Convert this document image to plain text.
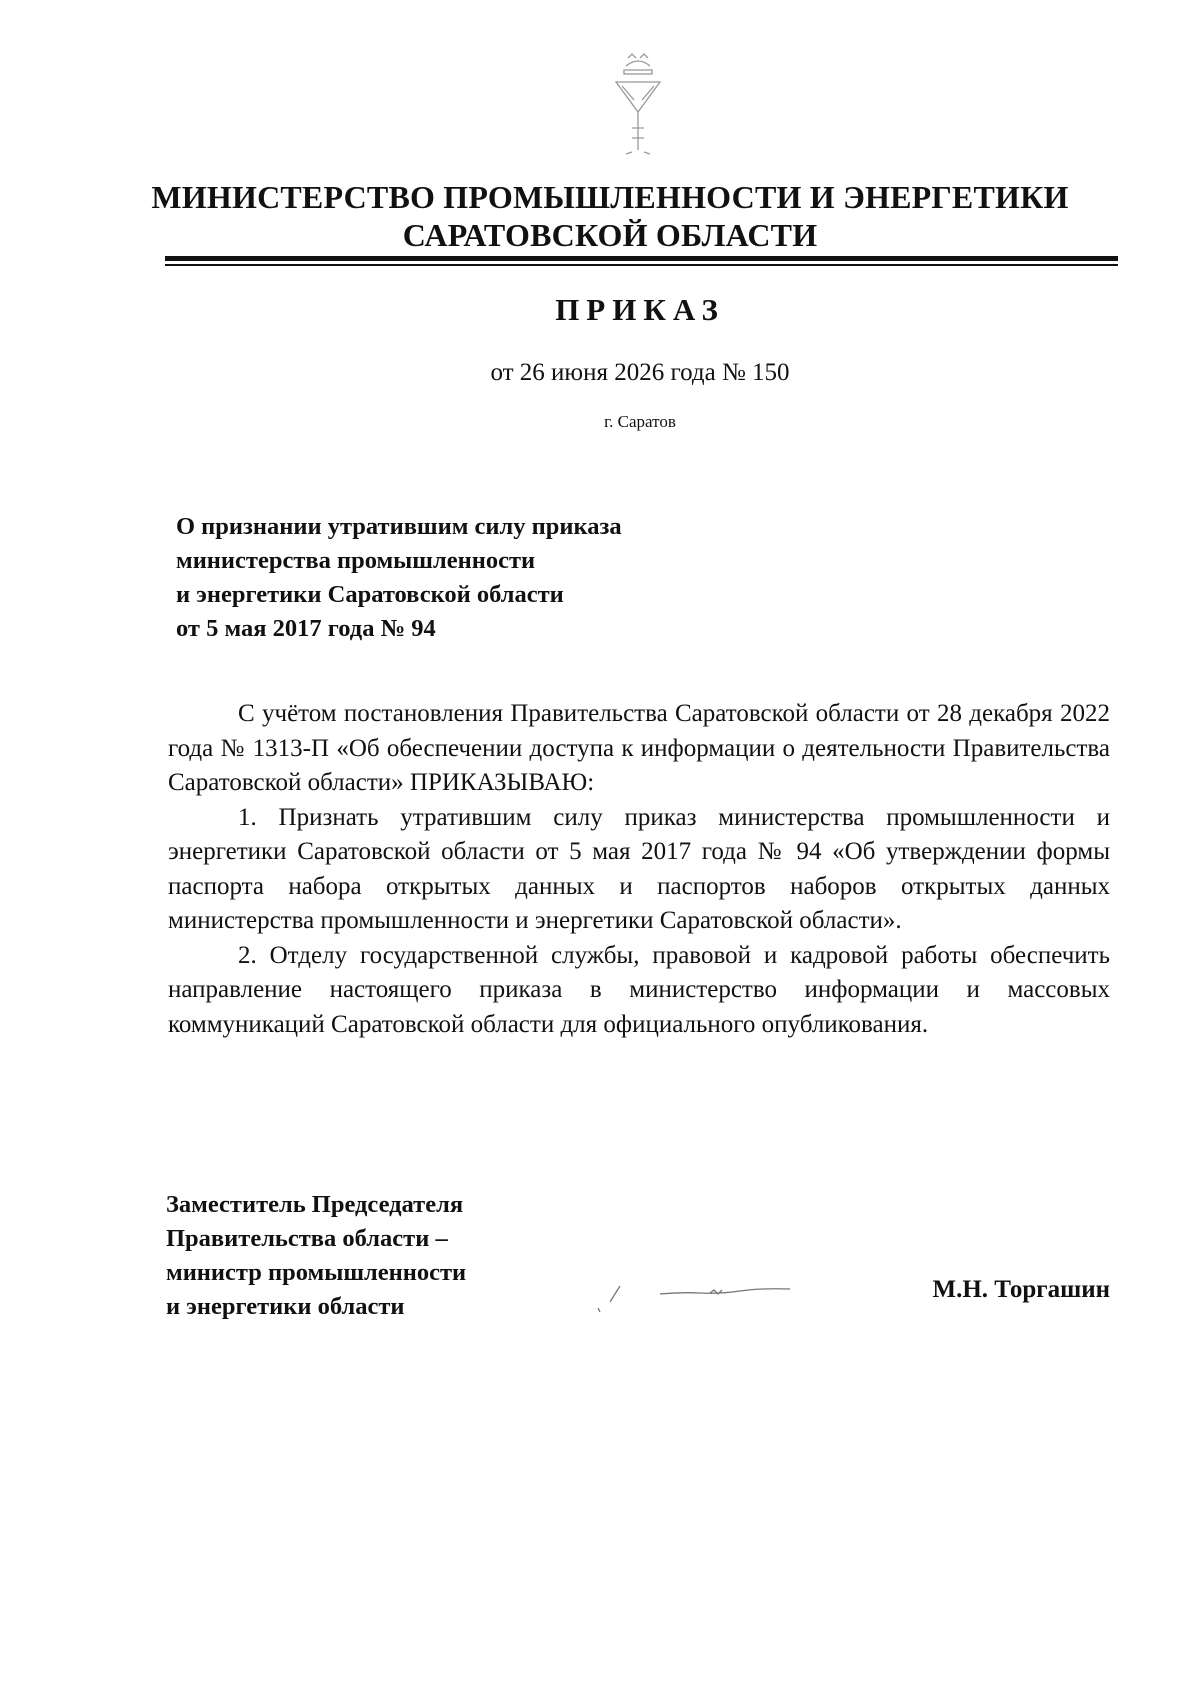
МИНИСТЕРСТВО ПРОМЫШЛЕННОСТИ И ЭНЕРГЕТИКИ
САРАТОВСКОЙ ОБЛАСТИ
ПРИКАЗ
от 26 июня 2026 года № 150
г. Саратов
О признании утратившим силу приказа
министерства промышленности
и энергетики Саратовской области
от 5 мая 2017 года № 94

С учётом постановления Правительства Саратовской области от 28 декабря 2022 года № 1313-П «Об обеспечении доступа к информации о деятельности Правительства Саратовской области» ПРИКАЗЫВАЮ:

1. Признать утратившим силу приказ министерства промышленности и энергетики Саратовской области от 5 мая 2017 года № 94 «Об утверждении формы паспорта набора открытых данных и паспортов наборов открытых данных министерства промышленности и энергетики Саратовской области».

2. Отделу государственной службы, правовой и кадровой работы обеспечить направление настоящего приказа в министерство информации и массовых коммуникаций Саратовской области для официального опубликования.

Заместитель Председателя
Правительства области –
министр промышленности
и энергетики области
М.Н. Торгашин
